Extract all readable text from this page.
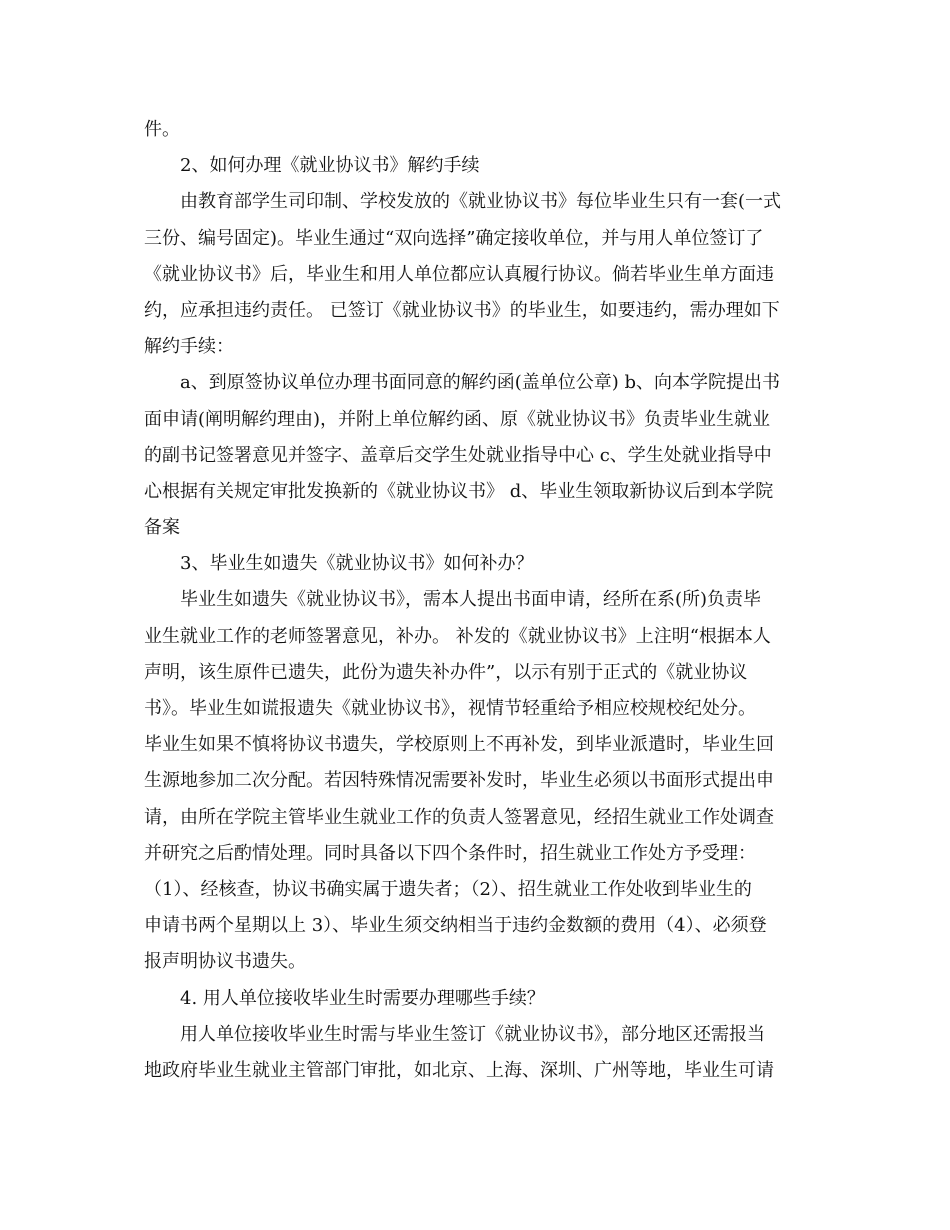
件。
2、如何办理《就业协议书》解约手续
由教育部学生司印制、学校发放的《就业协议书》每位毕业生只有一套(一式
三份、编号固定)。毕业生通过“双向选择”确定接收单位，并与用人单位签订了
《就业协议书》后，毕业生和用人单位都应认真履行协议。倘若毕业生单方面违
约，应承担违约责任。 已签订《就业协议书》的毕业生，如要违约，需办理如下
解约手续：
a、到原签协议单位办理书面同意的解约函(盖单位公章) b、向本学院提出书
面申请(阐明解约理由)，并附上单位解约函、原《就业协议书》负责毕业生就业
的副书记签署意见并签字、盖章后交学生处就业指导中心 c、学生处就业指导中
心根据有关规定审批发换新的《就业协议书》 d、毕业生领取新协议后到本学院
备案
3、毕业生如遗失《就业协议书》如何补办？
毕业生如遗失《就业协议书》，需本人提出书面申请，经所在系(所)负责毕
业生就业工作的老师签署意见，补办。 补发的《就业协议书》上注明“根据本人
声明，该生原件已遗失，此份为遗失补办件”，以示有别于正式的《就业协议
书》。毕业生如谎报遗失《就业协议书》，视情节轻重给予相应校规校纪处分。
毕业生如果不慎将协议书遗失，学校原则上不再补发，到毕业派遣时，毕业生回
生源地参加二次分配。若因特殊情况需要补发时，毕业生必须以书面形式提出申
请，由所在学院主管毕业生就业工作的负责人签署意见，经招生就业工作处调查
并研究之后酌情处理。同时具备以下四个条件时，招生就业工作处方予受理：
（1）、经核查，协议书确实属于遗失者；（2）、招生就业工作处收到毕业生的
申请书两个星期以上 3）、毕业生须交纳相当于违约金数额的费用（4）、必须登
报声明协议书遗失。
4. 用人单位接收毕业生时需要办理哪些手续？
用人单位接收毕业生时需与毕业生签订《就业协议书》，部分地区还需报当
地政府毕业生就业主管部门审批，如北京、上海、深圳、广州等地，毕业生可请
